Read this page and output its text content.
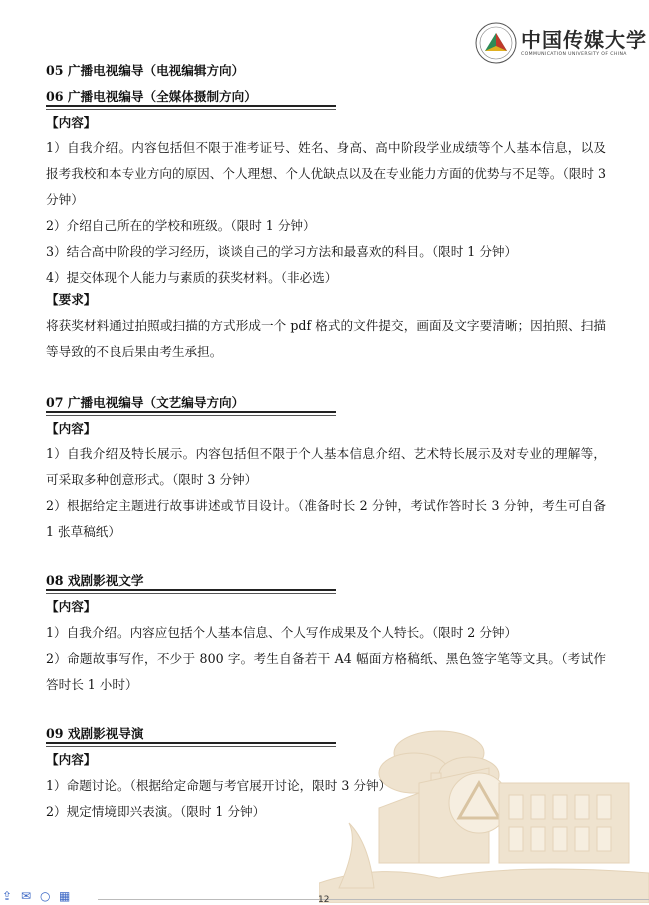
中国传媒大学
COMMUNICATION UNIVERSITY OF CHINA
05 广播电视编导（电视编辑方向）
06 广播电视编导（全媒体摄制方向）
【内容】
1）自我介绍。内容包括但不限于准考证号、姓名、身高、高中阶段学业成绩等个人基本信息，以及报考我校和本专业方向的原因、个人理想、个人优缺点以及在专业能力方面的优势与不足等。（限时 3 分钟）
2）介绍自己所在的学校和班级。（限时 1 分钟）
3）结合高中阶段的学习经历，谈谈自己的学习方法和最喜欢的科目。（限时 1 分钟）
4）提交体现个人能力与素质的获奖材料。（非必选）
【要求】
将获奖材料通过拍照或扫描的方式形成一个 pdf 格式的文件提交，画面及文字要清晰；因拍照、扫描等导致的不良后果由考生承担。
07 广播电视编导（文艺编导方向）
【内容】
1）自我介绍及特长展示。内容包括但不限于个人基本信息介绍、艺术特长展示及对专业的理解等，可采取多种创意形式。（限时 3 分钟）
2）根据给定主题进行故事讲述或节目设计。（准备时长 2 分钟，考试作答时长 3 分钟，考生可自备 1 张草稿纸）
08 戏剧影视文学
【内容】
1）自我介绍。内容应包括个人基本信息、个人写作成果及个人特长。（限时 2 分钟）
2）命题故事写作，不少于 800 字。考生自备若干 A4 幅面方格稿纸、黑色签字笔等文具。（考试作答时长 1 小时）
09 戏剧影视导演
【内容】
1）命题讨论。（根据给定命题与考官展开讨论，限时 3 分钟）
2）规定情境即兴表演。（限时 1 分钟）
⇪ ✉ ○ ▦	12
